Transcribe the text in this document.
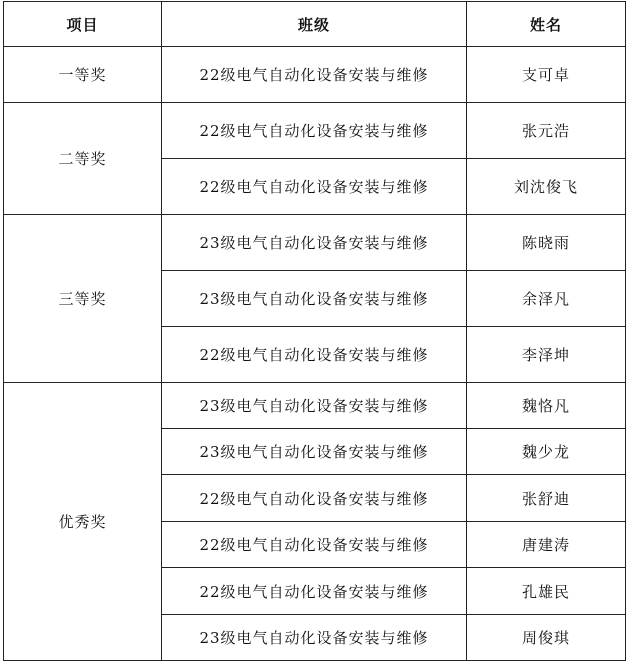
项目	班级	姓名
一等奖	22级电气自动化设备安装与维修	支可卓
二等奖	22级电气自动化设备安装与维修	张元浩
	22级电气自动化设备安装与维修	刘沈俊飞
三等奖	23级电气自动化设备安装与维修	陈晓雨
	23级电气自动化设备安装与维修	余泽凡
	22级电气自动化设备安装与维修	李泽坤
优秀奖	23级电气自动化设备安装与维修	魏恪凡
	23级电气自动化设备安装与维修	魏少龙
	22级电气自动化设备安装与维修	张舒迪
	22级电气自动化设备安装与维修	唐建涛
	22级电气自动化设备安装与维修	孔雄民
	23级电气自动化设备安装与维修	周俊琪
